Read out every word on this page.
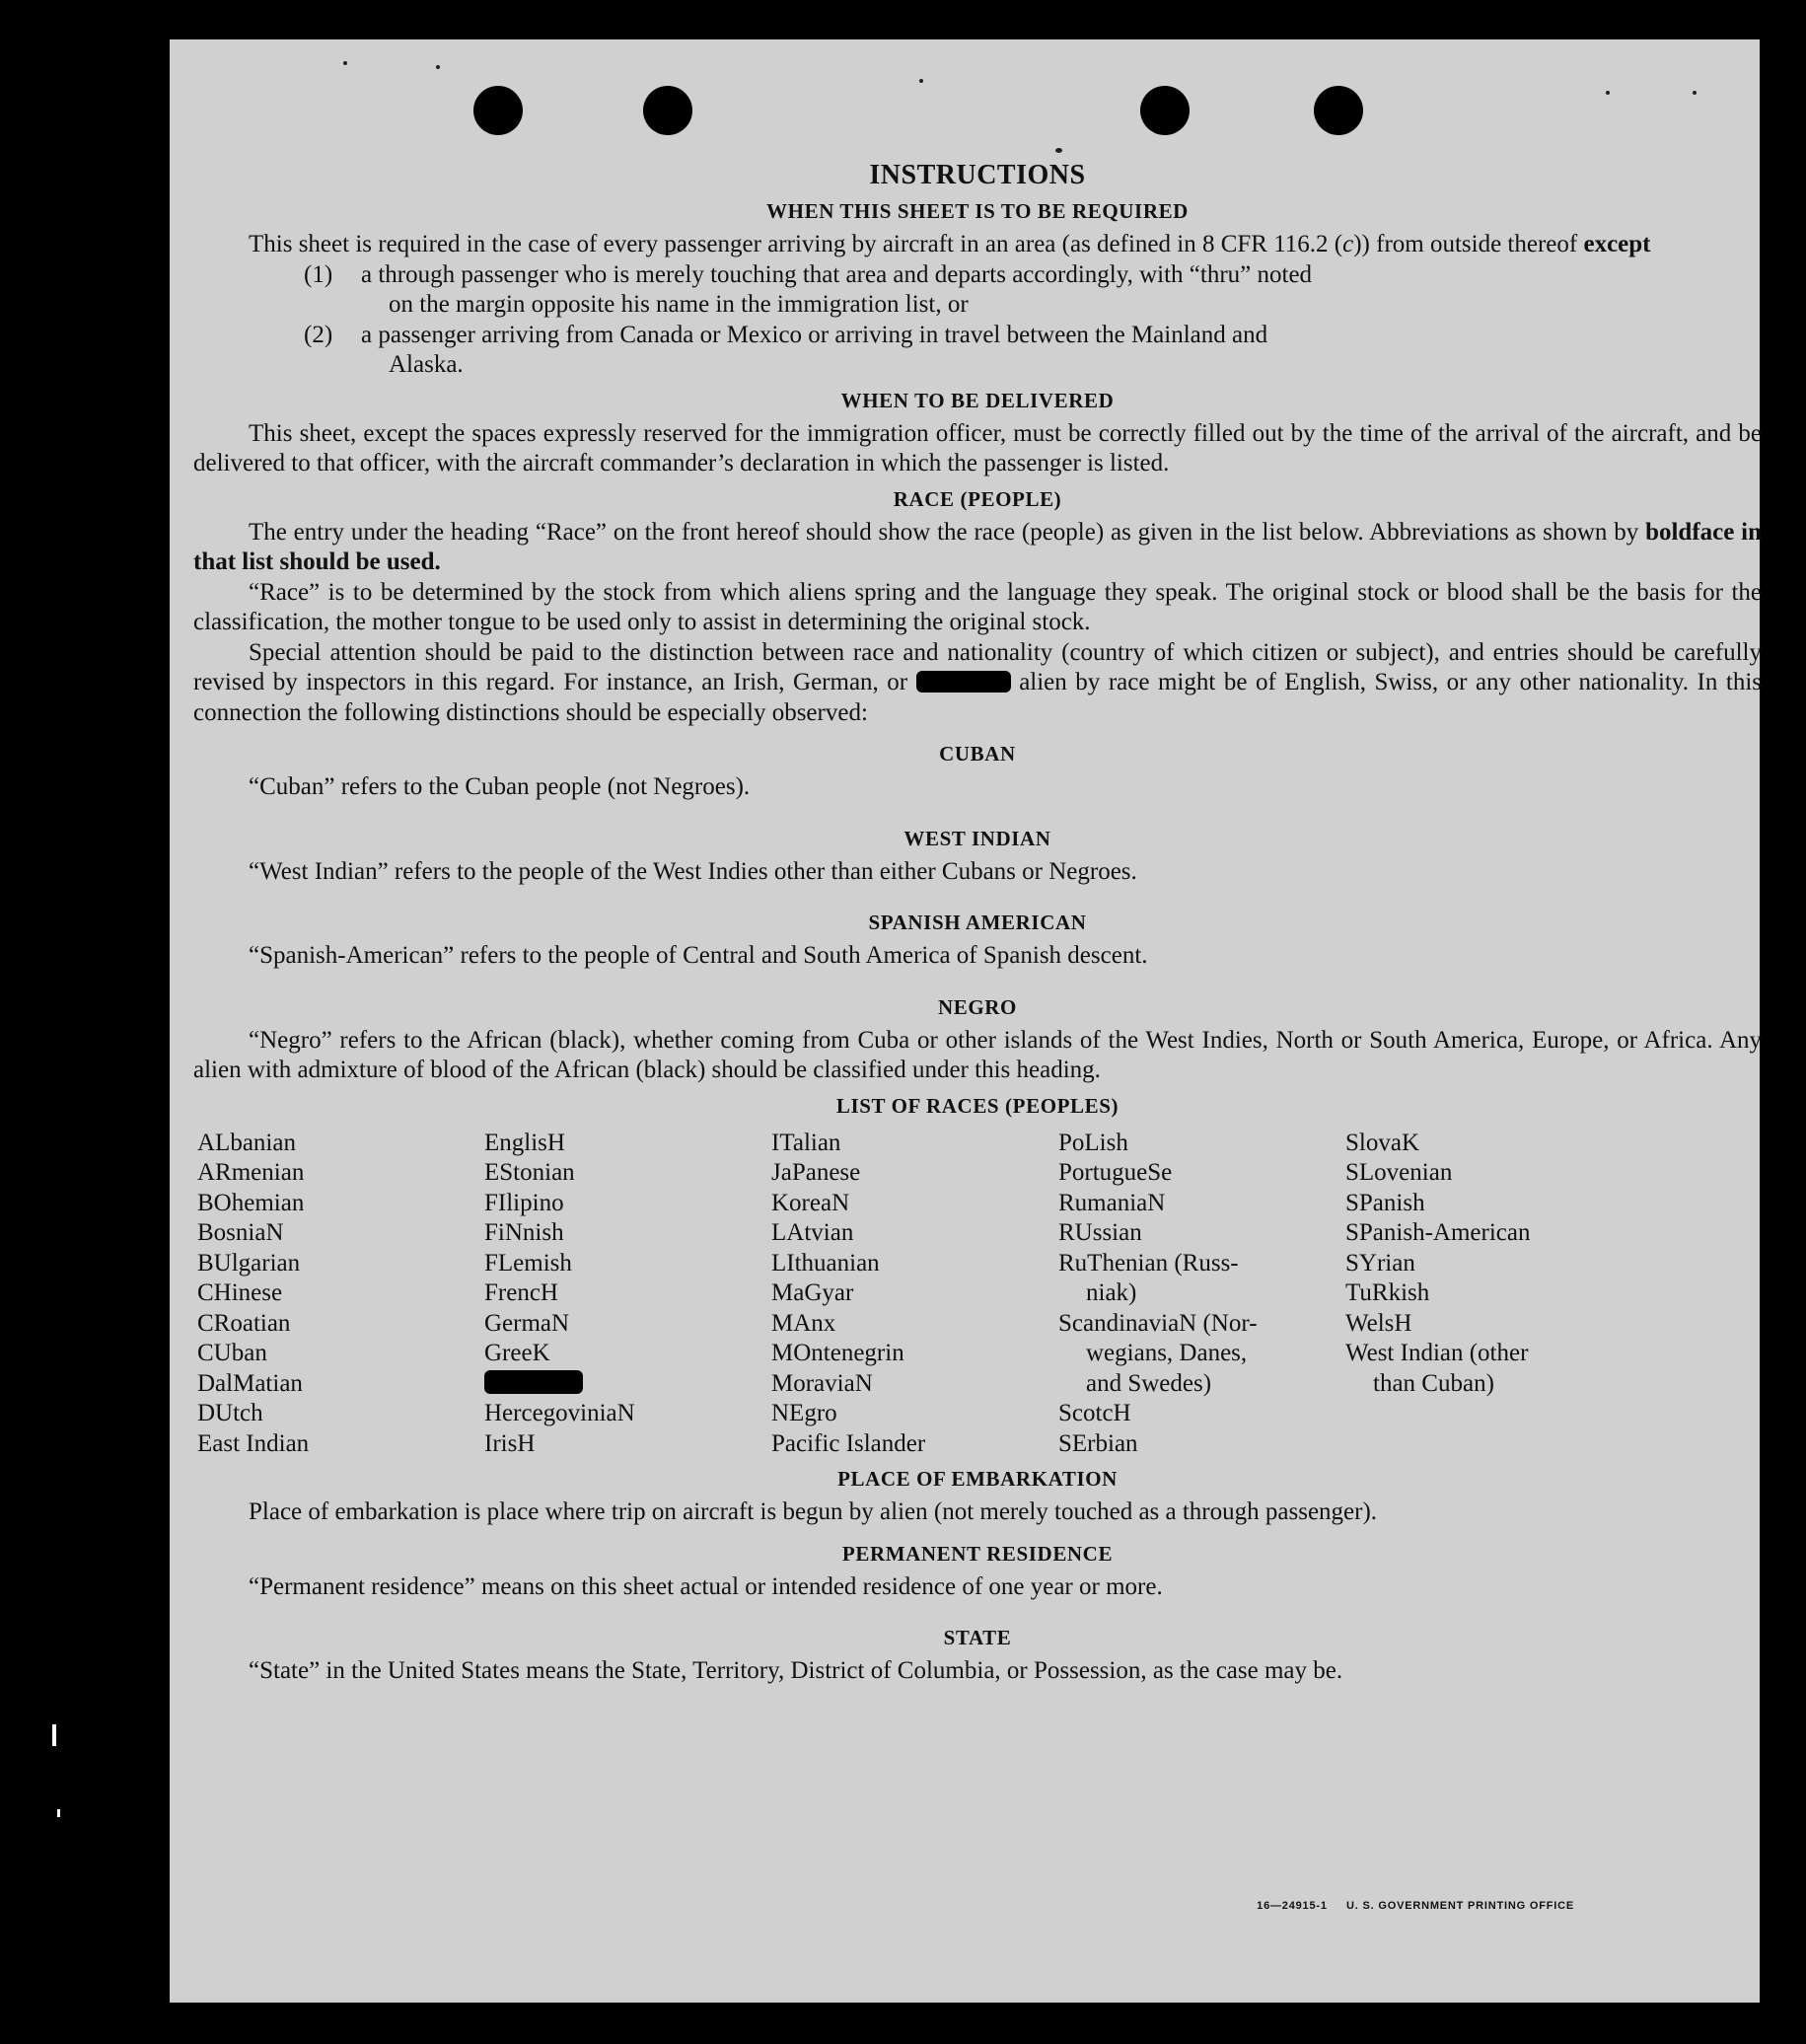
INSTRUCTIONS
WHEN THIS SHEET IS TO BE REQUIRED

This sheet is required in the case of every passenger arriving by aircraft in an area (as defined in 8 CFR 116.2 (c)) from outside thereof except

(1)	a through passenger who is merely touching that area and departs accordingly, with “thru” noted
on the margin opposite his name in the immigration list, or
(2)	a passenger arriving from Canada or Mexico or arriving in travel between the Mainland and
Alaska.
WHEN TO BE DELIVERED

This sheet, except the spaces expressly reserved for the immigration officer, must be correctly filled out by the time of the arrival of the aircraft, and be delivered to that officer, with the aircraft commander’s declaration in which the passenger is listed.

RACE (PEOPLE)

The entry under the heading “Race” on the front hereof should show the race (people) as given in the list below. Abbreviations as shown by boldface in that list should be used.

“Race” is to be determined by the stock from which aliens spring and the language they speak. The original stock or blood shall be the basis for the classification, the mother tongue to be used only to assist in determining the original stock.

Special attention should be paid to the distinction between race and nationality (country of which citizen or subject), and entries should be carefully revised by inspectors in this regard. For instance, an Irish, German, or	alien by race might be of English, Swiss, or any other nationality. In this connection the following distinctions should be especially observed:

CUBAN

“Cuban” refers to the Cuban people (not Negroes).

WEST INDIAN

“West Indian” refers to the people of the West Indies other than either Cubans or Negroes.

SPANISH AMERICAN

“Spanish-American” refers to the people of Central and South America of Spanish descent.

NEGRO

“Negro” refers to the African (black), whether coming from Cuba or other islands of the West Indies, North or South America, Europe, or Africa. Any alien with admixture of blood of the African (black) should be classified under this heading.

LIST OF RACES (PEOPLES)
ALbanian
ARmenian
BOhemian
BosniaN
BUlgarian
CHinese
CRoatian
CUban
DalMatian
DUtch
East Indian
EnglisH
EStonian
FIlipino
FiNnish
FLemish
FrencH
GermaN
GreeK
HercegoviniaN
IrisH
ITalian
JaPanese
KoreaN
LAtvian
LIthuanian
MaGyar
MAnx
MOntenegrin
MoraviaN
NEgro
Pacific Islander
PoLish
PortugueSe
RumaniaN
RUssian
RuThenian (Russ-
niak)
ScandinaviaN (Nor-
wegians, Danes,
and Swedes)
ScotcH
SErbian
SlovaK
SLovenian
SPanish
SPanish-American
SYrian
TuRkish
WelsH
West Indian (other
than Cuban)
PLACE OF EMBARKATION

Place of embarkation is place where trip on aircraft is begun by alien (not merely touched as a through passenger).

PERMANENT RESIDENCE

“Permanent residence” means on this sheet actual or intended residence of one year or more.

STATE

“State” in the United States means the State, Territory, District of Columbia, or Possession, as the case may be.

16—24915-1 U. S. GOVERNMENT PRINTING OFFICE
